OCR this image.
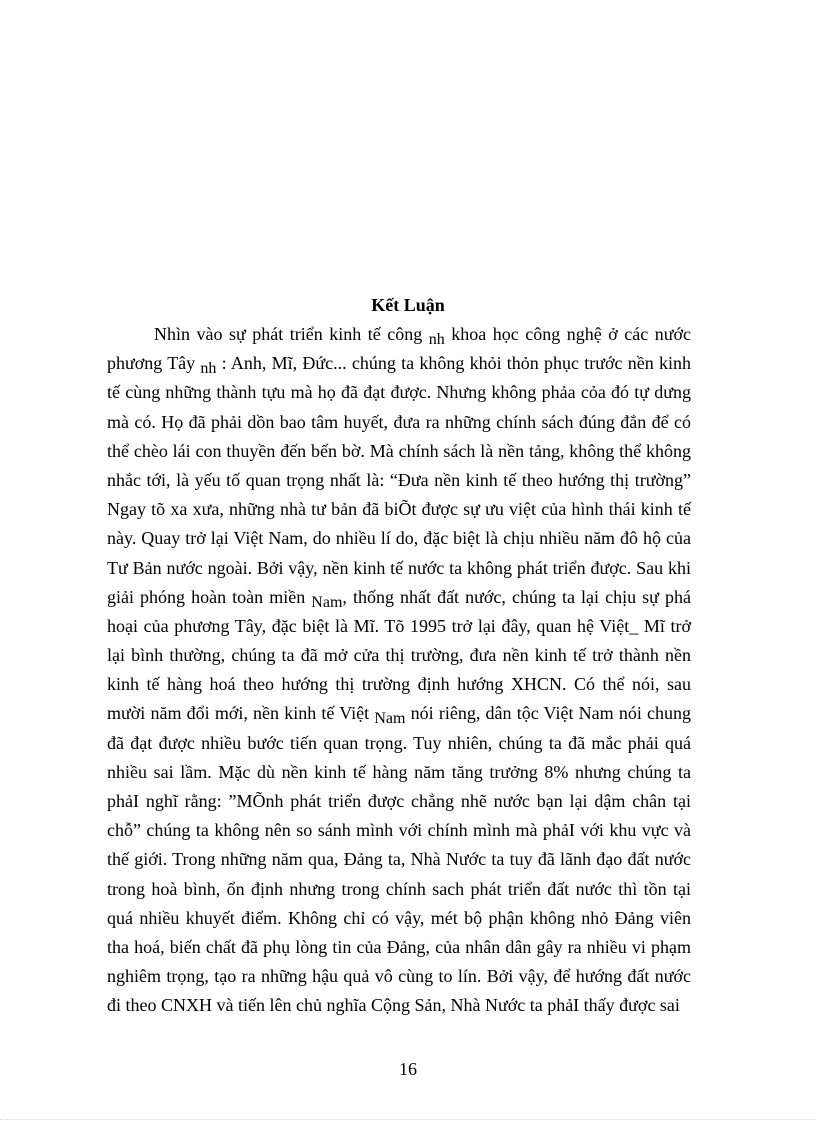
Kết Luận
Nhìn vào sự phát triển kinh tế công nh khoa học công nghệ ở các nước
phương Tây nh : Anh, Mĩ, Đức... chúng ta không khỏi thỏn phục trước nền kinh
tế cùng những thành tựu mà họ đã đạt được. Nhưng không phảa cỏa đó tự dưng
mà có. Họ đã phải dồn bao tâm huyết, đưa ra những chính sách đúng đắn để có
thể chèo lái con thuyền đến bến bờ. Mà chính sách là nền tảng, không thể không
nhắc tới, là yếu tố quan trọng nhất là: “Đưa nền kinh tế theo hướng thị trường”
Ngay tõ xa xưa, những nhà tư bản đã biÕt được sự ưu việt của hình thái kinh tế
này. Quay trở lại Việt Nam, do nhiều lí do, đặc biệt là chịu nhiều năm đô hộ của
Tư Bản nước ngoài. Bởi vậy, nền kinh tế nước ta không phát triển được. Sau khi
giải phóng hoàn toàn miền Nam, thống nhất đất nước, chúng ta lại chịu sự phá
hoại của phương Tây, đặc biệt là Mĩ. Tõ 1995 trở lại đây, quan hệ Việt_ Mĩ trở
lại bình thường, chúng ta đã mở cửa thị trường, đưa nền kinh tế trở thành nền
kinh tế hàng hoá theo hướng thị trường định hướng XHCN. Có thể nói, sau
mười năm đổi mới, nền kinh tế Việt Nam nói riêng, dân tộc Việt Nam nói chung
đã đạt được nhiều bước tiến quan trọng. Tuy nhiên, chúng ta đã mắc phải quá
nhiều sai lầm. Mặc dù nền kinh tế hàng năm tăng trưởng 8% nhưng chúng ta
phảI nghĩ rằng: ”MÕnh phát triển được chẳng nhẽ nước bạn lại dậm chân tại
chỗ” chúng ta không nên so sánh mình với chính mình mà phảI với khu vực và
thế giới. Trong những năm qua, Đảng ta, Nhà Nước ta tuy đã lãnh đạo đất nước
trong hoà bình, ổn định nhưng trong chính sach phát triển đất nước thì tồn tại
quá nhiều khuyết điểm. Không chỉ có vậy, mét bộ phận không nhỏ Đảng viên
tha hoá, biến chất đã phụ lòng tin của Đảng, của nhân dân gây ra nhiều vi phạm
nghiêm trọng, tạo ra những hậu quả vô cùng to lín. Bởi vậy, để hướng đất nước
đi theo CNXH và tiến lên chủ nghĩa Cộng Sản, Nhà Nước ta phảI thấy được sai
16
